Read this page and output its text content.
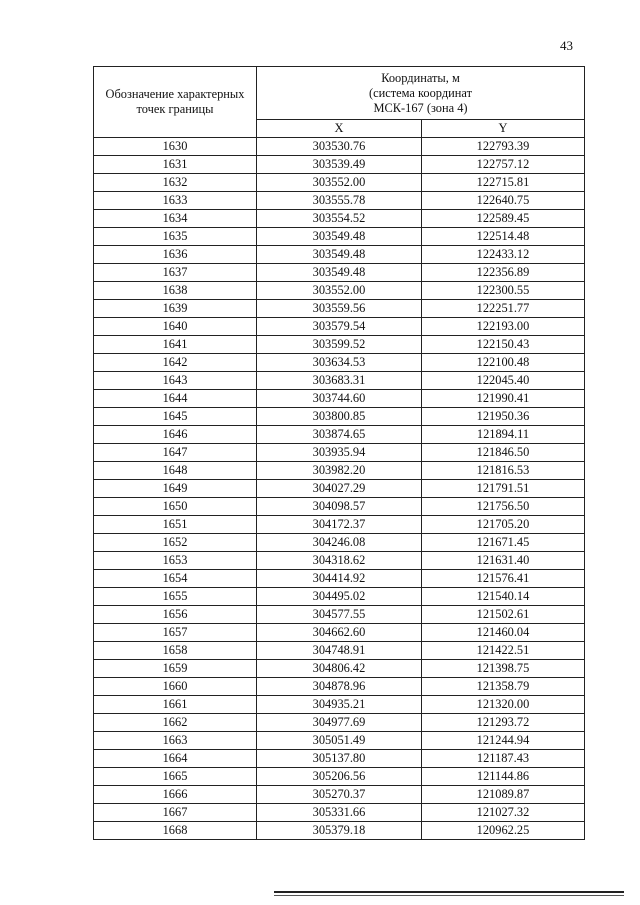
43
Обозначение характерных точек границы	Координаты, м
(система координат
МСК-167 (зона 4)	

	X	Y
1630	303530.76	122793.39
1631	303539.49	122757.12
1632	303552.00	122715.81
1633	303555.78	122640.75
1634	303554.52	122589.45
1635	303549.48	122514.48
1636	303549.48	122433.12
1637	303549.48	122356.89
1638	303552.00	122300.55
1639	303559.56	122251.77
1640	303579.54	122193.00
1641	303599.52	122150.43
1642	303634.53	122100.48
1643	303683.31	122045.40
1644	303744.60	121990.41
1645	303800.85	121950.36
1646	303874.65	121894.11
1647	303935.94	121846.50
1648	303982.20	121816.53
1649	304027.29	121791.51
1650	304098.57	121756.50
1651	304172.37	121705.20
1652	304246.08	121671.45
1653	304318.62	121631.40
1654	304414.92	121576.41
1655	304495.02	121540.14
1656	304577.55	121502.61
1657	304662.60	121460.04
1658	304748.91	121422.51
1659	304806.42	121398.75
1660	304878.96	121358.79
1661	304935.21	121320.00
1662	304977.69	121293.72
1663	305051.49	121244.94
1664	305137.80	121187.43
1665	305206.56	121144.86
1666	305270.37	121089.87
1667	305331.66	121027.32
1668	305379.18	120962.25
